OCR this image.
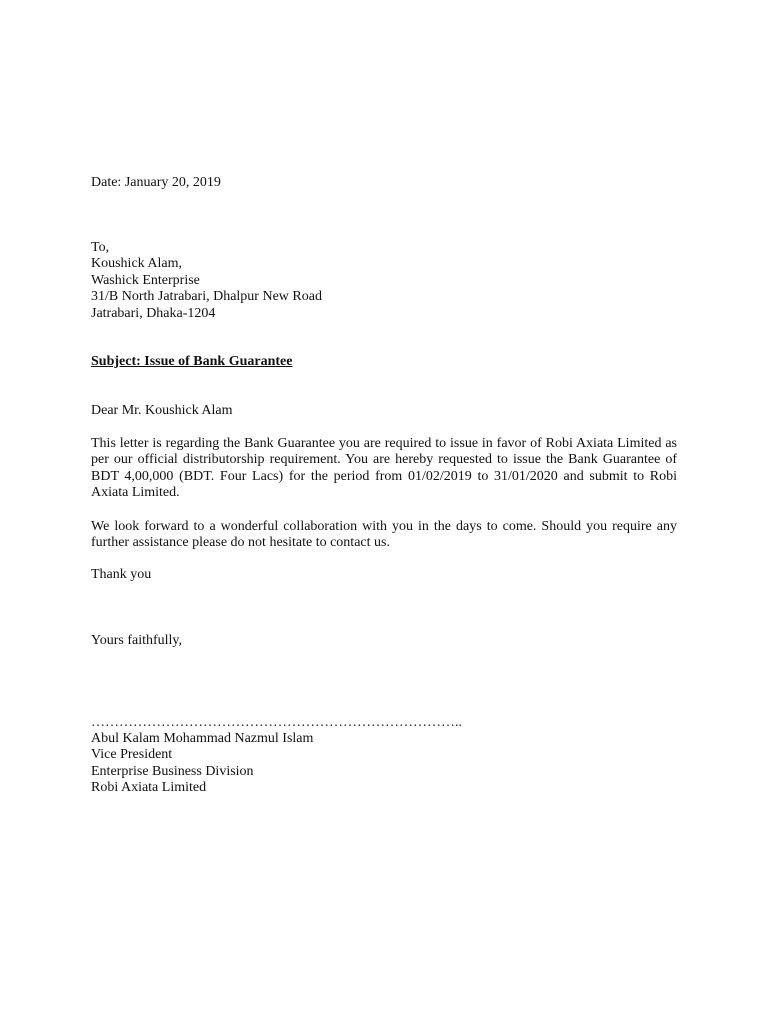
Date: January 20, 2019
To,
Koushick Alam,
Washick Enterprise
31/B North Jatrabari, Dhalpur New Road
Jatrabari, Dhaka-1204
Subject: Issue of Bank Guarantee
Dear Mr. Koushick Alam
This letter is regarding the Bank Guarantee you are required to issue in favor of Robi Axiata Limited as per our official distributorship requirement. You are hereby requested to issue the Bank Guarantee of BDT 4,00,000 (BDT. Four Lacs) for the period from 01/02/2019 to 31/01/2020 and submit to Robi Axiata Limited.
We look forward to a wonderful collaboration with you in the days to come. Should you require any further assistance please do not hesitate to contact us.
Thank you
Yours faithfully,
……………………………………………………………………..
Abul Kalam Mohammad Nazmul Islam
Vice President
Enterprise Business Division
Robi Axiata Limited
